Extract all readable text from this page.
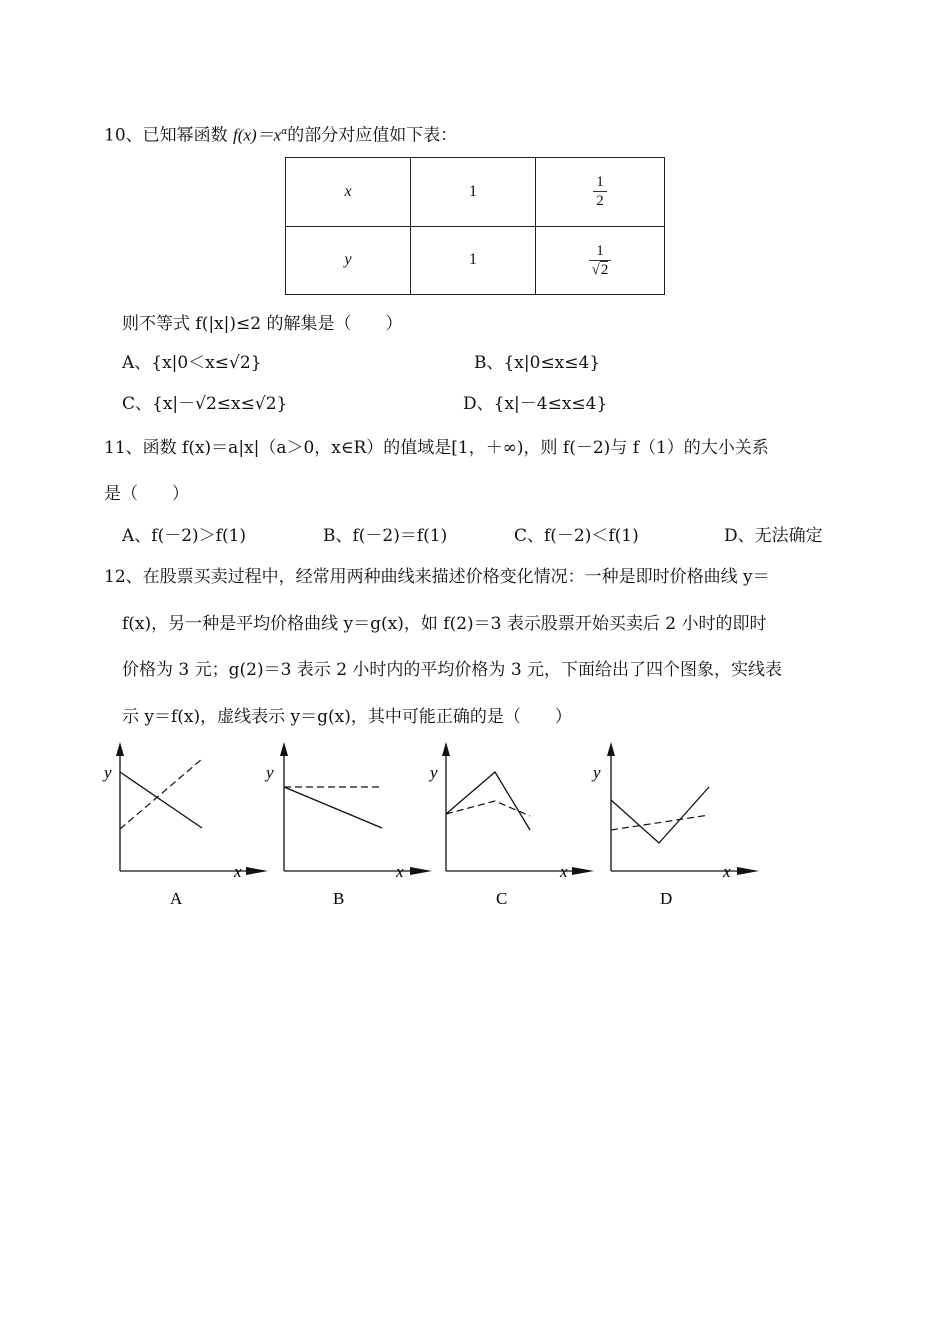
10、已知幂函数 $f(x)=x^\alpha$的部分对应值如下表：
x	1	$\frac{1}{2}$

y	1	$\frac{1}{√2}$
则不等式 f(|x|)≤2 的解集是（　　）
A、{x|0＜x≤√2}	B、{x|0≤x≤4}
C、{x|－√2≤x≤√2}	D、{x|－4≤x≤4}
11、函数 f(x)＝a|x|（a＞0，x∈R）的值域是[1，＋∞)，则 f(－2)与 f（1）的大小关系
是（　　）
A、f(－2)＞f(1)	B、f(－2)＝f(1)	C、f(－2)＜f(1)	D、无法确定
12、在股票买卖过程中，经常用两种曲线来描述价格变化情况：一种是即时价格曲线 y＝
f(x)，另一种是平均价格曲线 y＝g(x)，如 f(2)＝3 表示股票开始买卖后 2 小时的即时
价格为 3 元；g(2)＝3 表示 2 小时内的平均价格为 3 元，下面给出了四个图象，实线表
示 y＝f(x)，虚线表示 y＝g(x)，其中可能正确的是（　　）
y
x
A
y
x
B
y
x
C
y
x
D
